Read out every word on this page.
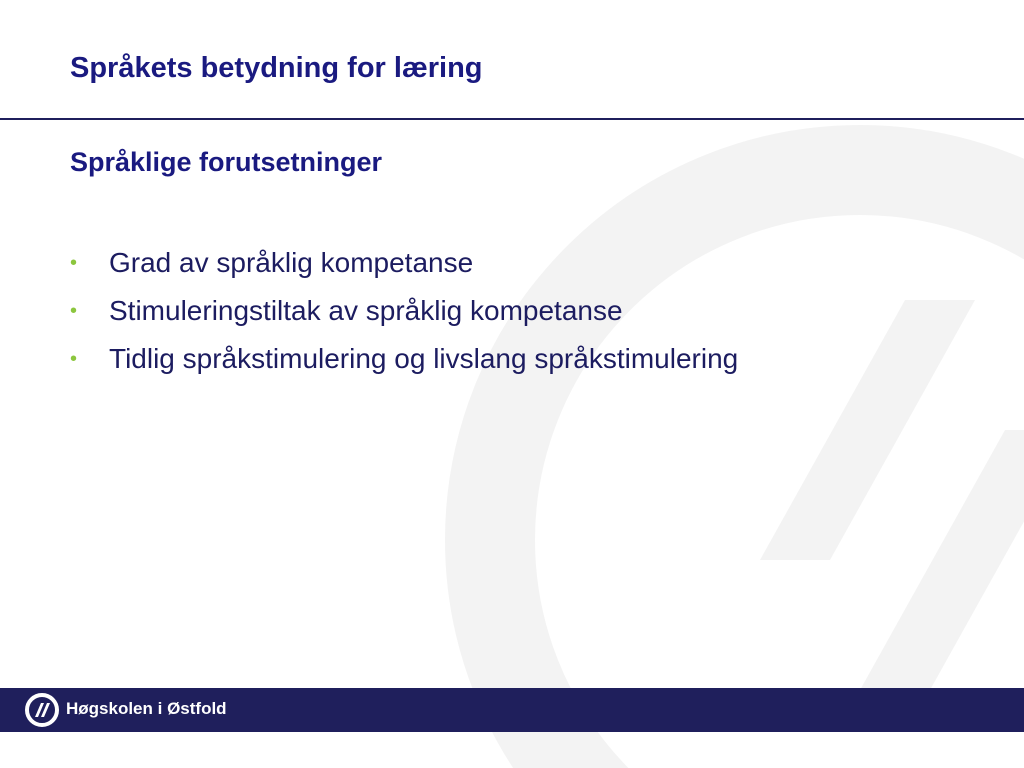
Språkets betydning for læring
Språklige forutsetninger
• Grad av språklig kompetanse
• Stimuleringstiltak av språklig kompetanse
• Tidlig språkstimulering og livslang språkstimulering
Høgskolen i Østfold
